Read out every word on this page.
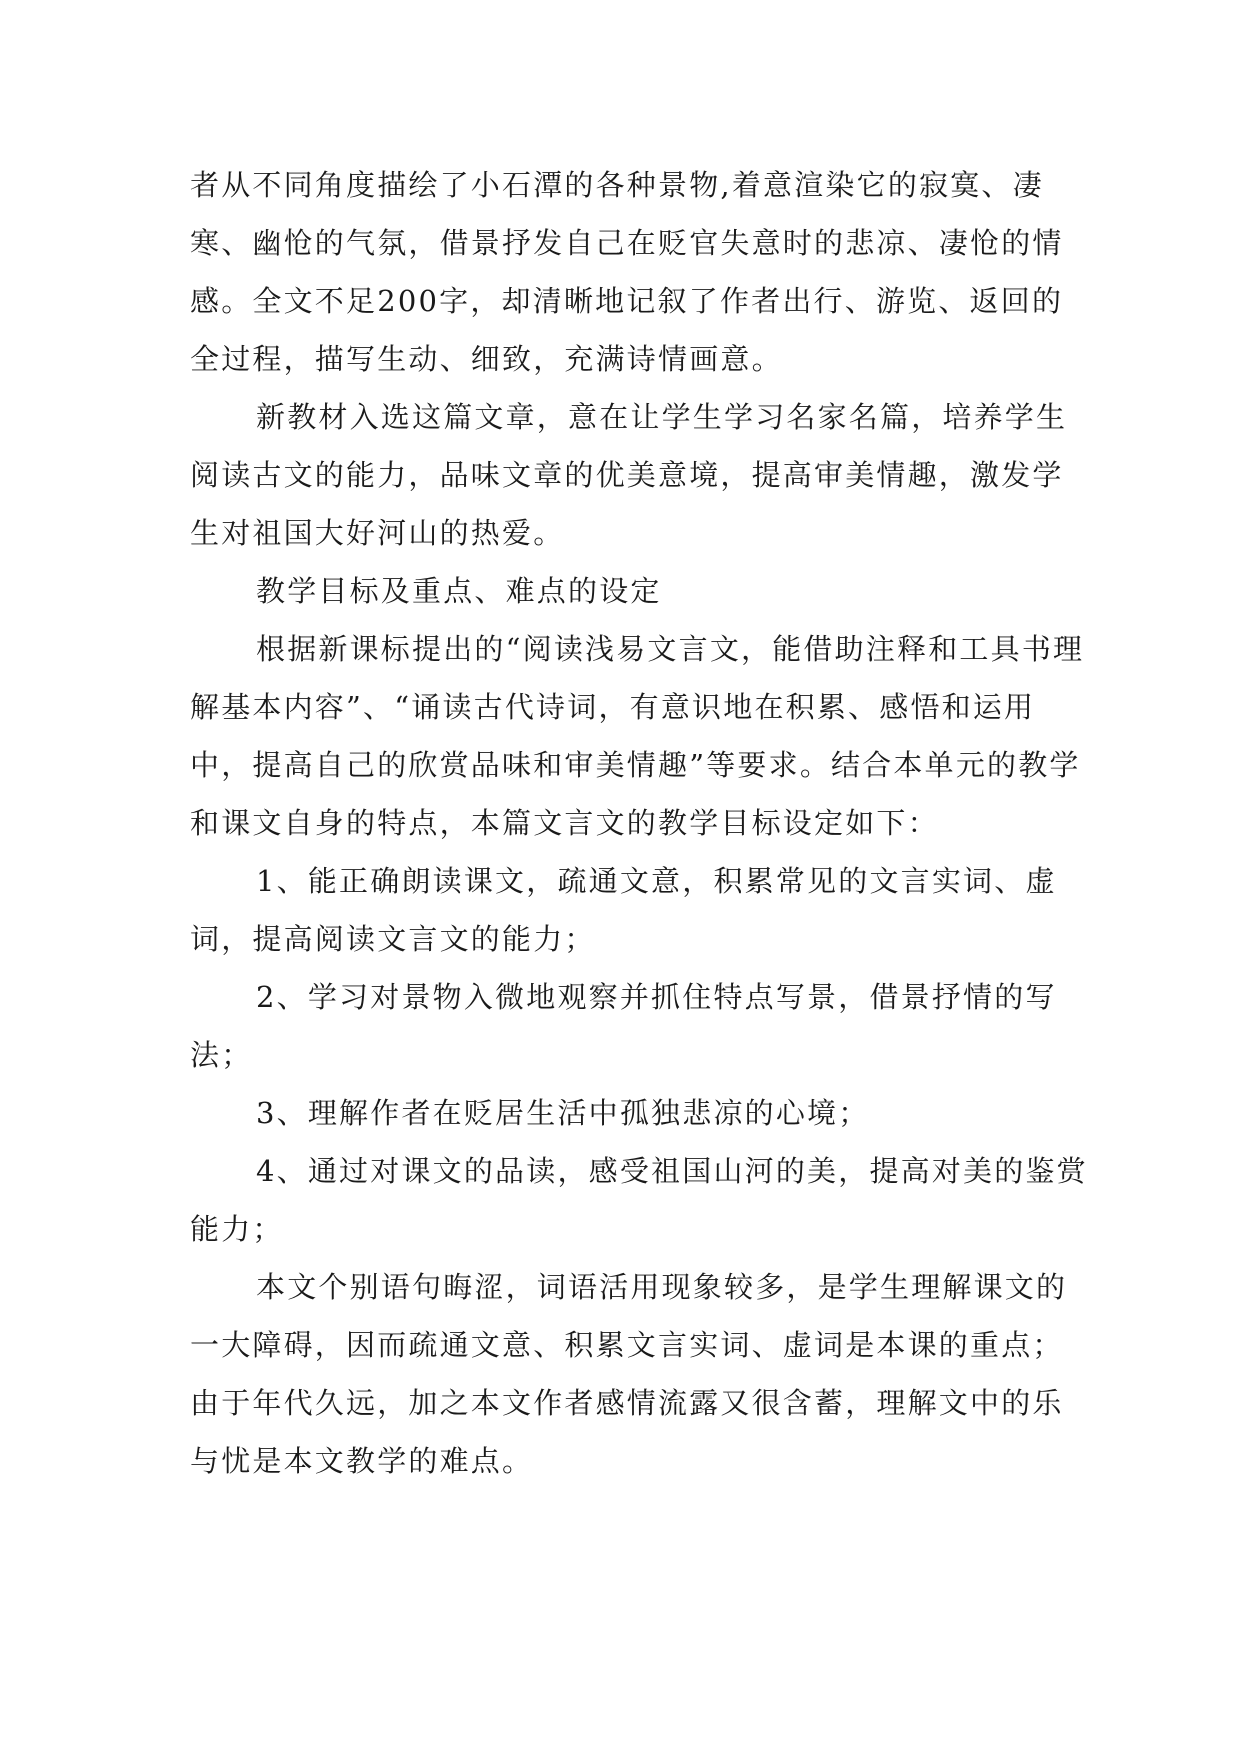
者从不同角度描绘了小石潭的各种景物,着意渲染它的寂寞、凄寒、幽怆的气氛，借景抒发自己在贬官失意时的悲凉、凄怆的情感。全文不足200字，却清晰地记叙了作者出行、游览、返回的全过程，描写生动、细致，充满诗情画意。

新教材入选这篇文章，意在让学生学习名家名篇，培养学生阅读古文的能力，品味文章的优美意境，提高审美情趣，激发学生对祖国大好河山的热爱。

教学目标及重点、难点的设定

根据新课标提出的“阅读浅易文言文，能借助注释和工具书理解基本内容”、“诵读古代诗词，有意识地在积累、感悟和运用中，提高自己的欣赏品味和审美情趣”等要求。结合本单元的教学和课文自身的特点，本篇文言文的教学目标设定如下：

1、能正确朗读课文，疏通文意，积累常见的文言实词、虚词，提高阅读文言文的能力；

2、学习对景物入微地观察并抓住特点写景，借景抒情的写法；

3、理解作者在贬居生活中孤独悲凉的心境；

4、通过对课文的品读，感受祖国山河的美，提高对美的鉴赏能力；

本文个别语句晦涩，词语活用现象较多，是学生理解课文的一大障碍，因而疏通文意、积累文言实词、虚词是本课的重点；由于年代久远，加之本文作者感情流露又很含蓄，理解文中的乐与忧是本文教学的难点。
